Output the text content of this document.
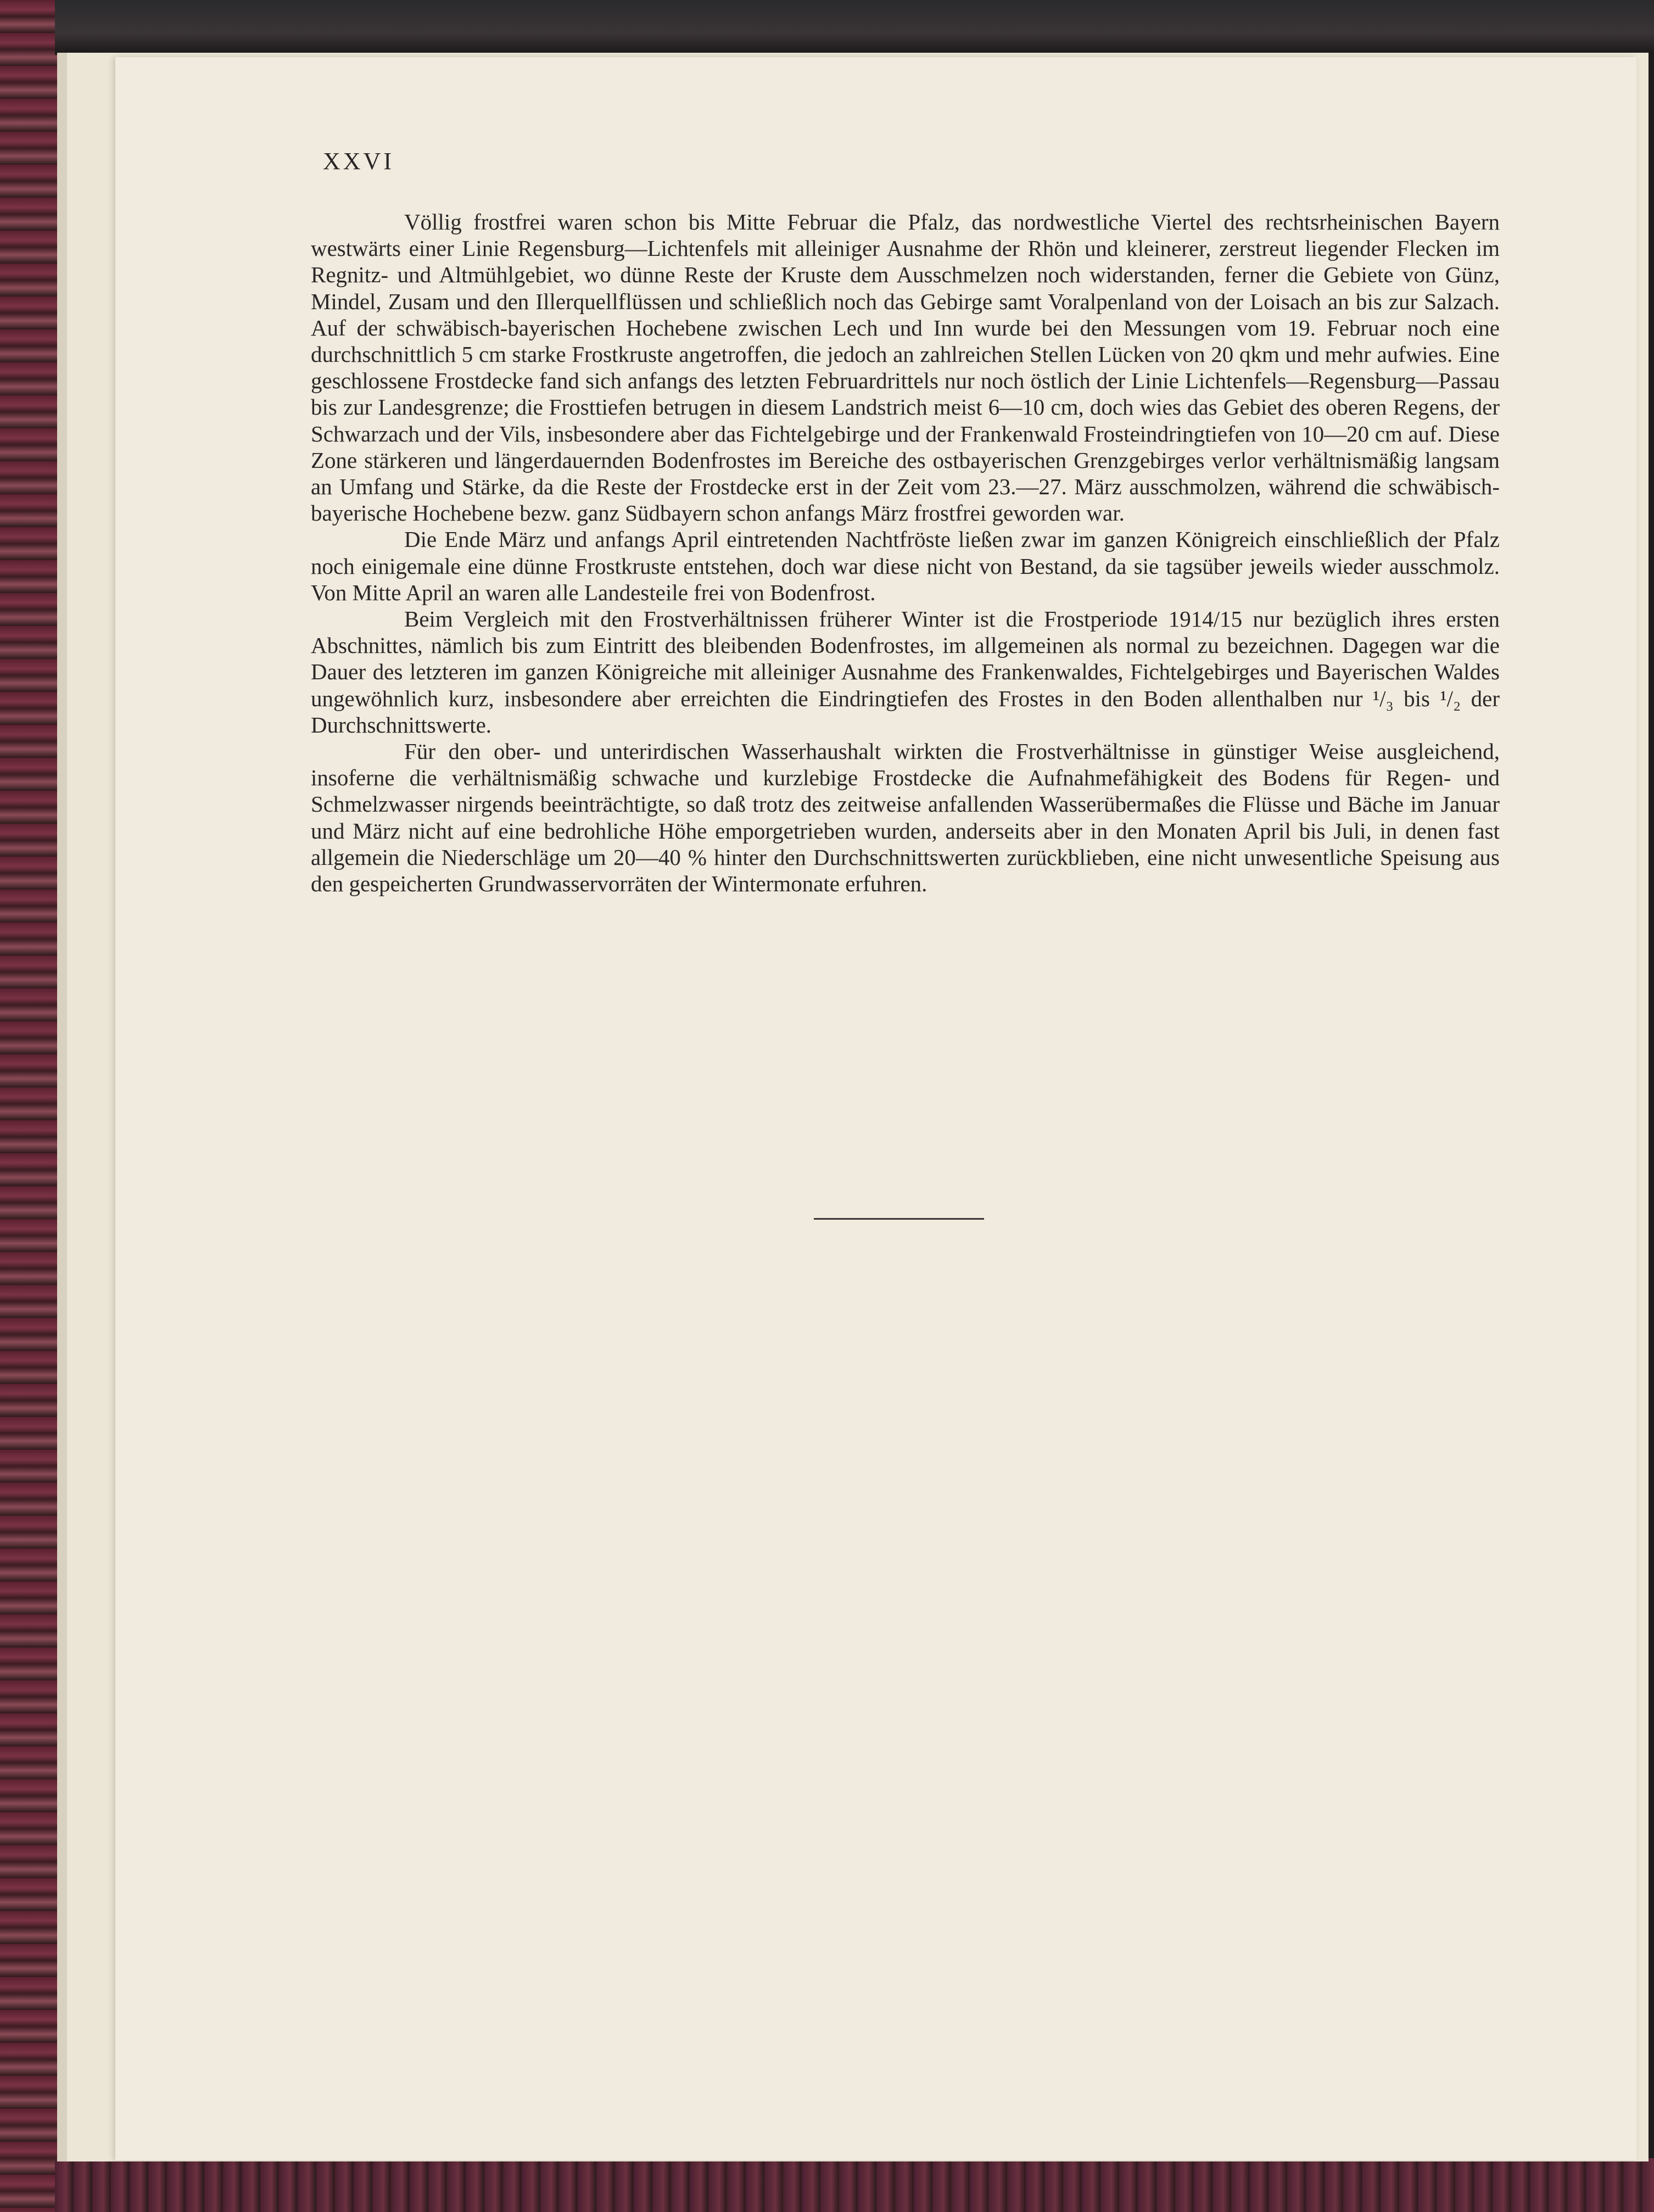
XXVI

Völlig frostfrei waren schon bis Mitte Februar die Pfalz, das nordwestliche Viertel des rechtsrheinischen Bayern westwärts einer Linie Regensburg—Lichtenfels mit alleiniger Ausnahme der Rhön und kleinerer, zerstreut liegender Flecken im Regnitz- und Altmühlgebiet, wo dünne Reste der Kruste dem Ausschmelzen noch widerstanden, ferner die Gebiete von Günz, Mindel, Zusam und den Illerquellflüssen und schließlich noch das Gebirge samt Voralpenland von der Loisach an bis zur Salzach. Auf der schwäbisch-bayerischen Hochebene zwischen Lech und Inn wurde bei den Messungen vom 19. Februar noch eine durchschnittlich 5 cm starke Frostkruste angetroffen, die jedoch an zahlreichen Stellen Lücken von 20 qkm und mehr aufwies. Eine geschlossene Frostdecke fand sich anfangs des letzten Februardrittels nur noch östlich der Linie Lichtenfels—Regensburg—Passau bis zur Landesgrenze; die Frosttiefen betrugen in diesem Landstrich meist 6—10 cm, doch wies das Gebiet des oberen Regens, der Schwarzach und der Vils, insbesondere aber das Fichtelgebirge und der Frankenwald Frosteindringtiefen von 10—20 cm auf. Diese Zone stärkeren und längerdauernden Bodenfrostes im Bereiche des ostbayerischen Grenzgebirges verlor verhältnismäßig langsam an Umfang und Stärke, da die Reste der Frostdecke erst in der Zeit vom 23.—27. März ausschmolzen, während die schwäbisch-bayerische Hochebene bezw. ganz Südbayern schon anfangs März frostfrei geworden war.

Die Ende März und anfangs April eintretenden Nachtfröste ließen zwar im ganzen Königreich einschließlich der Pfalz noch einigemale eine dünne Frostkruste entstehen, doch war diese nicht von Bestand, da sie tagsüber jeweils wieder ausschmolz. Von Mitte April an waren alle Landesteile frei von Bodenfrost.

Beim Vergleich mit den Frostverhältnissen früherer Winter ist die Frostperiode 1914/15 nur bezüglich ihres ersten Abschnittes, nämlich bis zum Eintritt des bleibenden Bodenfrostes, im allgemeinen als normal zu bezeichnen. Dagegen war die Dauer des letzteren im ganzen Königreiche mit alleiniger Ausnahme des Frankenwaldes, Fichtelgebirges und Bayerischen Waldes ungewöhnlich kurz, insbesondere aber erreichten die Eindringtiefen des Frostes in den Boden allenthalben nur ¹/₃ bis ¹/₂ der Durchschnittswerte.

Für den ober- und unterirdischen Wasserhaushalt wirkten die Frostverhältnisse in günstiger Weise ausgleichend, insoferne die verhältnismäßig schwache und kurzlebige Frostdecke die Aufnahmefähigkeit des Bodens für Regen- und Schmelzwasser nirgends beeinträchtigte, so daß trotz des zeitweise anfallenden Wasserübermaßes die Flüsse und Bäche im Januar und März nicht auf eine bedrohliche Höhe emporgetrieben wurden, anderseits aber in den Monaten April bis Juli, in denen fast allgemein die Niederschläge um 20—40 % hinter den Durchschnittswerten zurückblieben, eine nicht unwesentliche Speisung aus den gespeicherten Grundwasservorräten der Wintermonate erfuhren.
